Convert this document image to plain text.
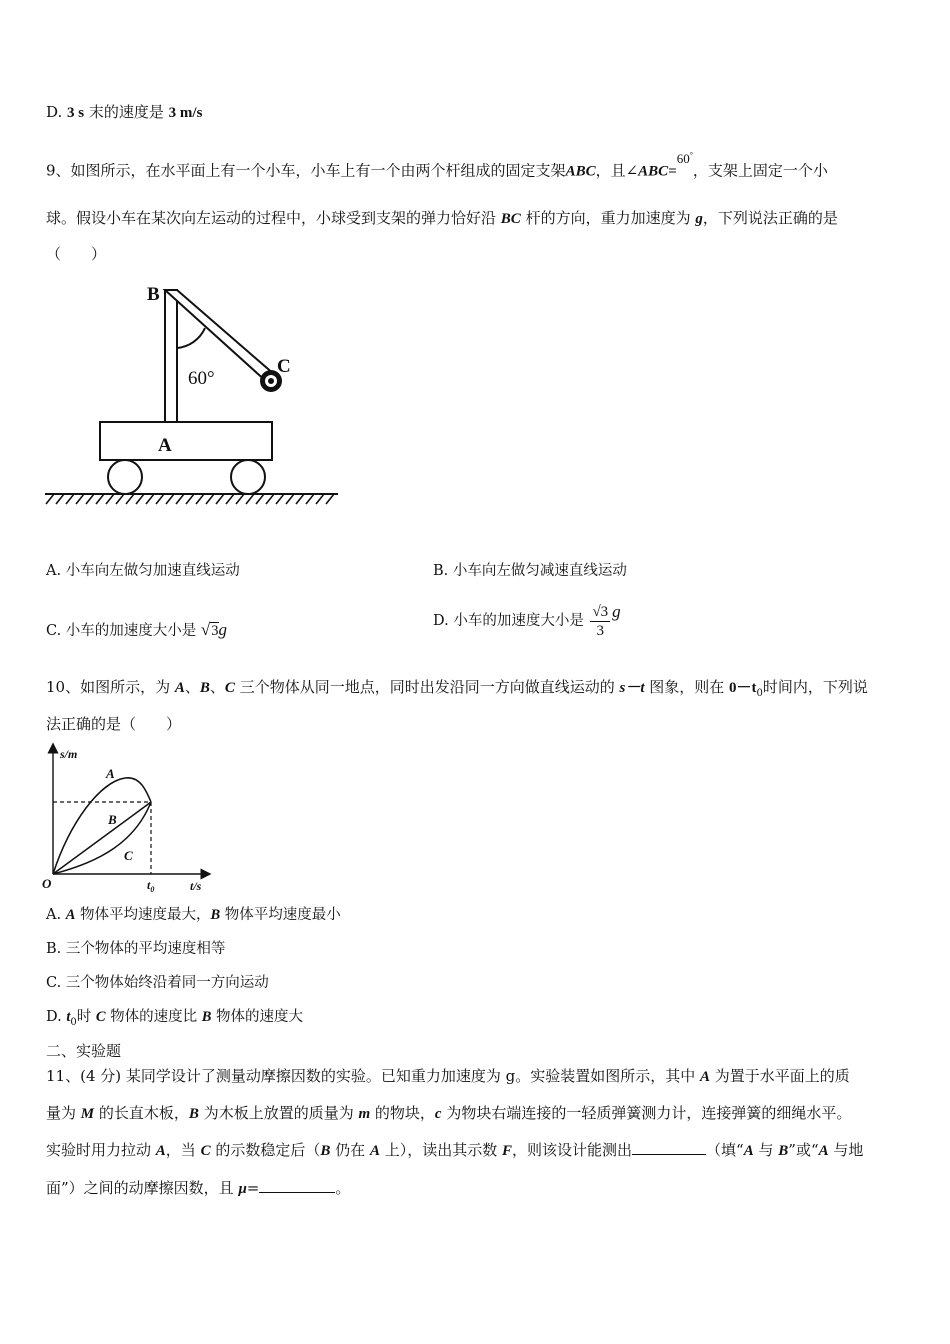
D. 3 s 末的速度是 3 m/s
9、如图所示，在水平面上有一个小车，小车上有一个由两个杆组成的固定支架ABC，且∠ABC=60°，支架上固定一个小
球。假设小车在某次向左运动的过程中，小球受到支架的弹力恰好沿 BC 杆的方向，重力加速度为 g，下列说法正确的是
（　　）
60°
B
C
A
A. 小车向左做匀加速直线运动	B. 小车向左做匀减速直线运动
C. 小车的加速度大小是 √3g	D. 小车的加速度大小是 $\frac{√3}{3}$ g
10、如图所示，为 A、B、C 三个物体从同一地点，同时出发沿同一方向做直线运动的 s－t 图象，则在 $0-t_0$时间内，下列说
法正确的是（　　）
s/m
t/s
O	$t_0$
A
B
C
A. A 物体平均速度最大，B 物体平均速度最小
B. 三个物体的平均速度相等
C. 三个物体始终沿着同一方向运动
D. $t_0$时 C 物体的速度比 B 物体的速度大
二、实验题
11、(4 分) 某同学设计了测量动摩擦因数的实验。已知重力加速度为 g。实验装置如图所示，其中 A 为置于水平面上的质
量为 M 的长直木板，B 为木板上放置的质量为 m 的物块，c 为物块右端连接的一轻质弹簧测力计，连接弹簧的细绳水平。
实验时用力拉动 A，当 C 的示数稳定后（B 仍在 A 上），读出其示数 F，则该设计能测出	（填“A 与 B”或“A 与地
面”）之间的动摩擦因数，且 μ=	。
